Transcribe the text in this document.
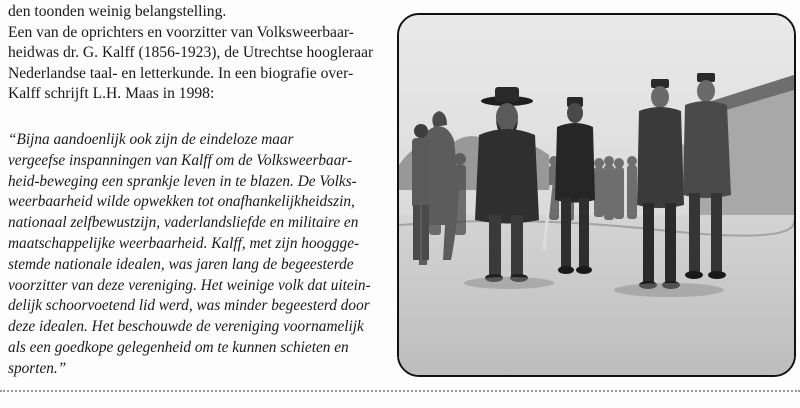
den toonden weinig belangstelling.
Een van de oprichters en voorzitter van Volksweerbaar-
heidwas dr. G. Kalff (1856-1923), de Utrechtse hoogleraar
Nederlandse taal- en letterkunde. In een biografie over-
Kalff schrijft L.H. Maas in 1998:
“Bijna aandoenlijk ook zijn de eindeloze maar
vergeefse inspanningen van Kalff om de Volksweerbaar-
heid-beweging een sprankje leven in te blazen. De Volks-
weerbaarheid wilde opwekken tot onafhankelijkheidszin,
nationaal zelfbewustzijn, vaderlandsliefde en militaire en
maatschappelijke weerbaarheid. Kalff, met zijn hooggge-
stemde nationale idealen, was jaren lang de begeesterde
voorzitter van deze vereniging. Het weinige volk dat uitein-
delijk schoorvoetend lid werd, was minder begeesterd door
deze idealen. Het beschouwde de vereniging voornamelijk
als een goedkope gelegenheid om te kunnen schieten en
sporten.”
